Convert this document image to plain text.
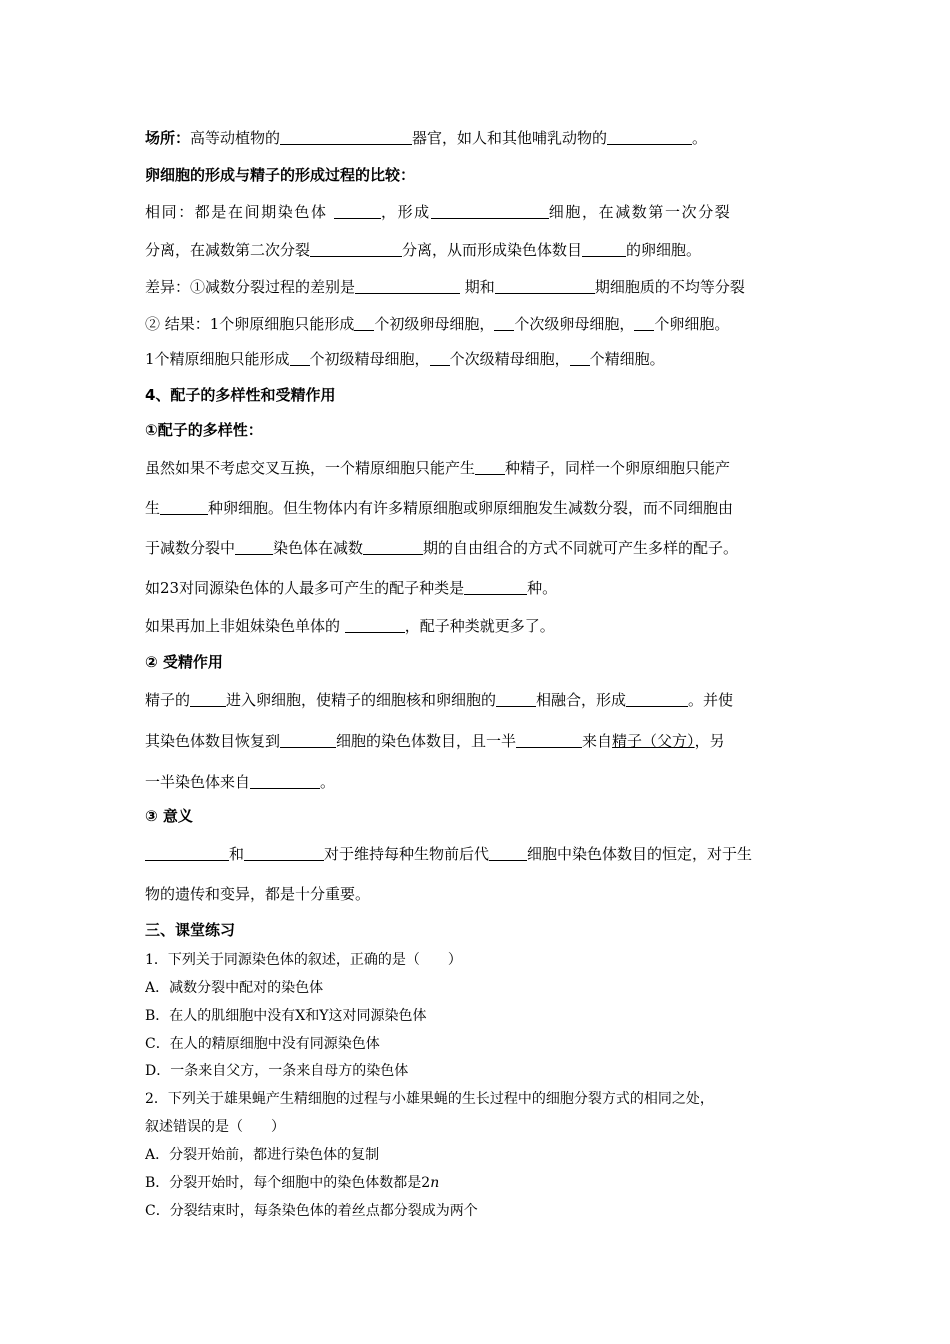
场所：高等动植物的	器官，如人和其他哺乳动物的	。
卵细胞的形成与精子的形成过程的比较：
相同：都是在间期染色体	，形成	细胞，在减数第一次分裂
分离，在减数第二次分裂	分离，从而形成染色体数目	的卵细胞。
差异：①减数分裂过程的差别是	期和	期细胞质的不均等分裂
② 结果：1个卵原细胞只能形成 个初级卵母细胞， 个次级卵母细胞， 个卵细胞。
1个精原细胞只能形成 个初级精母细胞， 个次级精母细胞， 个精细胞。
4、配子的多样性和受精作用
①配子的多样性：
虽然如果不考虑交叉互换，一个精原细胞只能产生 种精子，同样一个卵原细胞只能产
生	种卵细胞。但生物体内有许多精原细胞或卵原细胞发生减数分裂，而不同细胞由
于减数分裂中	染色体在减数	期的自由组合的方式不同就可产生多样的配子。
如23对同源染色体的人最多可产生的配子种类是	种。
如果再加上非姐妹染色单体的	，配子种类就更多了。
② 受精作用
精子的 进入卵细胞，使精子的细胞核和卵细胞的	相融合，形成	。并使
其染色体数目恢复到	细胞的染色体数目，且一半	来自精子（父方），另
一半染色体来自	。
③ 意义
和	对于维持每种生物前后代	细胞中染色体数目的恒定，对于生
物的遗传和变异，都是十分重要。
三、课堂练习
1．下列关于同源染色体的叙述，正确的是（　　）
A．减数分裂中配对的染色体
B．在人的肌细胞中没有X和Y这对同源染色体
C．在人的精原细胞中没有同源染色体
D．一条来自父方，一条来自母方的染色体
2．下列关于雄果蝇产生精细胞的过程与小雄果蝇的生长过程中的细胞分裂方式的相同之处，
叙述错误的是（　　）
A．分裂开始前，都进行染色体的复制
B．分裂开始时，每个细胞中的染色体数都是2n
C．分裂结束时，每条染色体的着丝点都分裂成为两个
